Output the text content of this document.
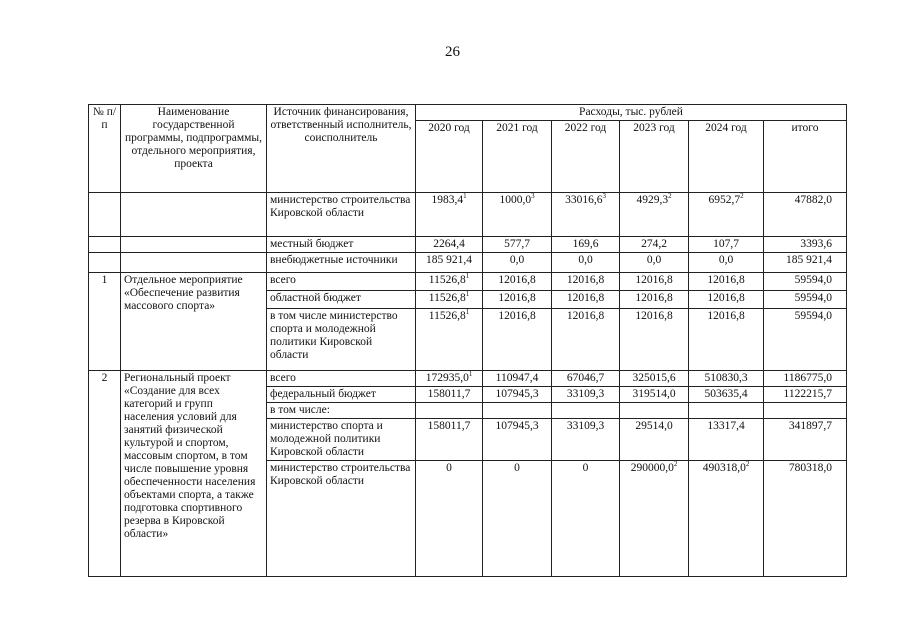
26
№ п/п	Наименование государственной программы, подпрограммы, отдельного мероприятия, проекта	Источник финансирования, ответственный исполнитель, соисполнитель	Расходы, тыс. рублей					
			2020 год	2021 год	2022 год	2023 год	2024 год	итого
		министерство строительства Кировской области	1983,4$^1$	1000,0$^3$	33016,6$^3$	4929,3$^2$	6952,7$^2$	47882,0
		местный бюджет	2264,4	577,7	169,6	274,2	107,7	3393,6
		внебюджетные источники	185 921,4	0,0	0,0	0,0	0,0	185 921,4
1	Отдельное мероприятие «Обеспечение развития массового спорта»	всего	11526,8$^1$	12016,8	12016,8	12016,8	12016,8	59594,0
		областной бюджет	11526,8$^1$	12016,8	12016,8	12016,8	12016,8	59594,0
		в том числе министерство спорта и молодежной политики Кировской области	11526,8$^1$	12016,8	12016,8	12016,8	12016,8	59594,0
2	Региональный проект «Создание для всех категорий и групп населения условий для занятий физической культурой и спортом, массовым спортом, в том числе повышение уровня обеспеченности населения объектами спорта, а также подготовка спортивного резерва в Кировской области»	всего	172935,0$^1$	110947,4	67046,7	325015,6	510830,3	1186775,0
		федеральный бюджет	158011,7	107945,3	33109,3	319514,0	503635,4	1122215,7
		в том числе:						
		министерство спорта и молодежной политики Кировской области	158011,7	107945,3	33109,3	29514,0	13317,4	341897,7
		министерство строительства Кировской области	0	0	0	290000,0$^2$	490318,0$^2$	780318,0
